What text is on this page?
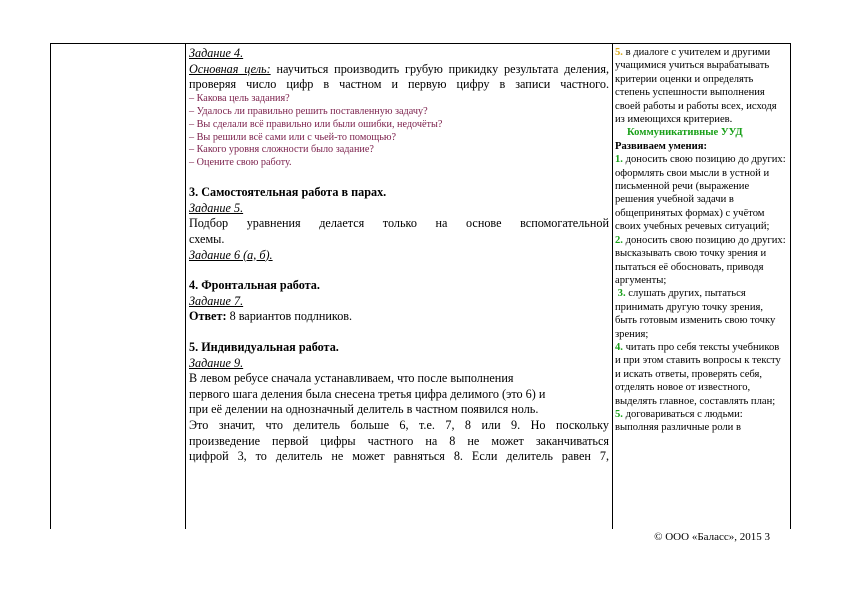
Задание 4.

Основная цель: научиться производить грубую прикидку результата деления, проверяя число цифр в частном и первую цифру в записи частного.

– Какова цель задания?

– Удалось ли правильно решить поставленную задачу?

– Вы сделали всё правильно или были ошибки, недочёты?

– Вы решили всё сами или с чьей-то помощью?

– Какого уровня сложности было задание?

– Оцените свою работу.

3. Самостоятельная работа в парах.

Задание 5.

Подбор уравнения делается только на основе вспомогательной

схемы.

Задание 6 (а, б).

4. Фронтальная работа.

Задание 7.

Ответ: 8 вариантов подлников.

5. Индивидуальная работа.

Задание 9.

В левом ребусе сначала устанавливаем, что после выполнения

первого шага деления была снесена третья цифра делимого (это 6) и

при её делении на однозначный делитель в частном появился ноль.

Это значит, что делитель больше 6, т.е. 7, 8 или 9. Но поскольку

произведение первой цифры частного на 8 не может заканчиваться

цифрой 3, то делитель не может равняться 8. Если делитель равен 7,

5. в диалоге с учителем и другими учащимися учиться вырабатывать критерии оценки и определять степень успешности выполнения своей работы и работы всех, исходя из имеющихся критериев.

Коммуникативные УУД

Развиваем умения:

1. доносить свою позицию до других: оформлять свои мысли в устной и письменной речи (выражение решения учебной задачи в общепринятых формах) с учётом своих учебных речевых ситуаций;

2. доносить свою позицию до других: высказывать свою точку зрения и пытаться её обосновать, приводя аргументы;

3. слушать других, пытаться принимать другую точку зрения, быть готовым изменить свою точку зрения;

4. читать про себя тексты учебников и при этом ставить вопросы к тексту и искать ответы, проверять себя, отделять новое от известного, выделять главное, составлять план;

5. договариваться с людьми: выполняя различные роли в

© ООО «Баласс», 2015 3
